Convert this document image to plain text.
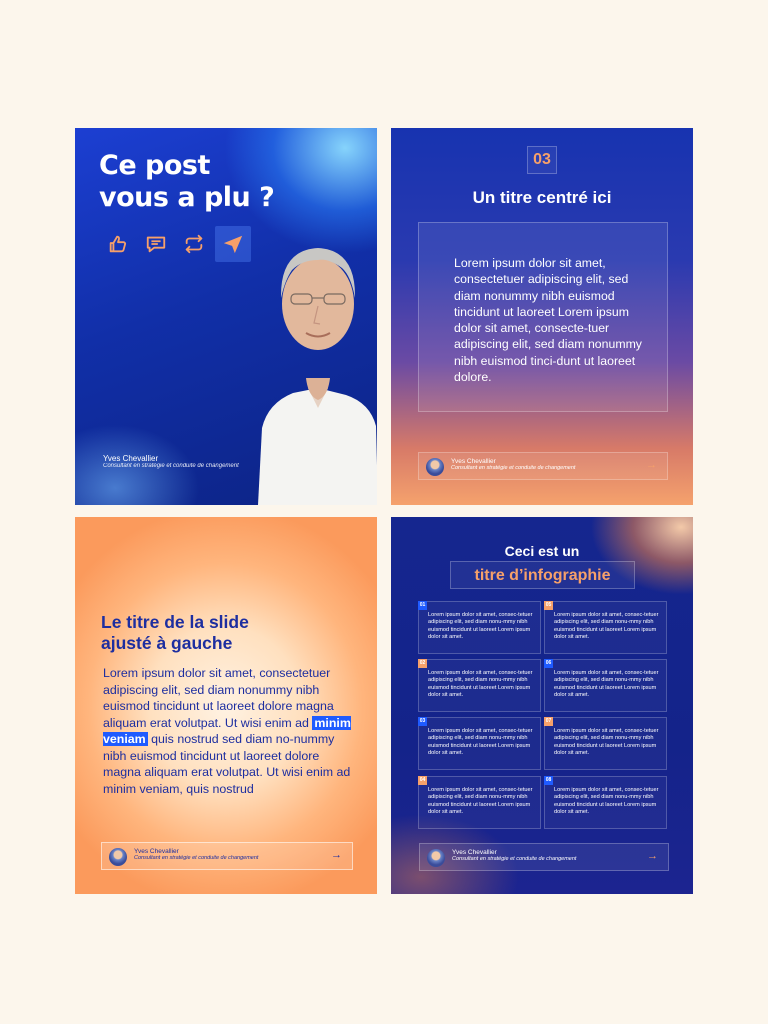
Ce post
vous a plu ?
Yves Chevallier
Consultant en stratégie et conduite de changement
03
Un titre centré ici
Lorem ipsum dolor sit amet, consectetuer adipiscing elit, sed diam nonummy nibh euismod tincidunt ut laoreet Lorem ipsum dolor sit amet, consecte-tuer adipiscing elit, sed diam nonummy nibh euismod tinci-dunt ut laoreet dolore.
Yves Chevallier
Consultant en stratégie et conduite de changement	→
Le titre de la slide
ajusté à gauche
Lorem ipsum dolor sit amet, consectetuer adipiscing elit, sed diam nonummy nibh euismod tincidunt ut laoreet dolore magna aliquam erat volutpat. Ut wisi enim ad minim veniam quis nostrud sed diam no-nummy nibh euismod tincidunt ut laoreet dolore magna aliquam erat volutpat. Ut wisi enim ad minim veniam, quis nostrud
Yves Chevallier
Consultant en stratégie et conduite de changement	→
Ceci est un
titre d’infographie
01
Lorem ipsum dolor sit amet, consec-tetuer adipiscing elit, sed diam nonu-mmy nibh euismod tincidunt ut laoreet Lorem ipsum dolor sit amet.
05
Lorem ipsum dolor sit amet, consec-tetuer adipiscing elit, sed diam nonu-mmy nibh euismod tincidunt ut laoreet Lorem ipsum dolor sit amet.
02
Lorem ipsum dolor sit amet, consec-tetuer adipiscing elit, sed diam nonu-mmy nibh euismod tincidunt ut laoreet Lorem ipsum dolor sit amet.
06
Lorem ipsum dolor sit amet, consec-tetuer adipiscing elit, sed diam nonu-mmy nibh euismod tincidunt ut laoreet Lorem ipsum dolor sit amet.
03
Lorem ipsum dolor sit amet, consec-tetuer adipiscing elit, sed diam nonu-mmy nibh euismod tincidunt ut laoreet Lorem ipsum dolor sit amet.
07
Lorem ipsum dolor sit amet, consec-tetuer adipiscing elit, sed diam nonu-mmy nibh euismod tincidunt ut laoreet Lorem ipsum dolor sit amet.
04
Lorem ipsum dolor sit amet, consec-tetuer adipiscing elit, sed diam nonu-mmy nibh euismod tincidunt ut laoreet Lorem ipsum dolor sit amet.
08
Lorem ipsum dolor sit amet, consec-tetuer adipiscing elit, sed diam nonu-mmy nibh euismod tincidunt ut laoreet Lorem ipsum dolor sit amet.
Yves Chevallier
Consultant en stratégie et conduite de changement	→
